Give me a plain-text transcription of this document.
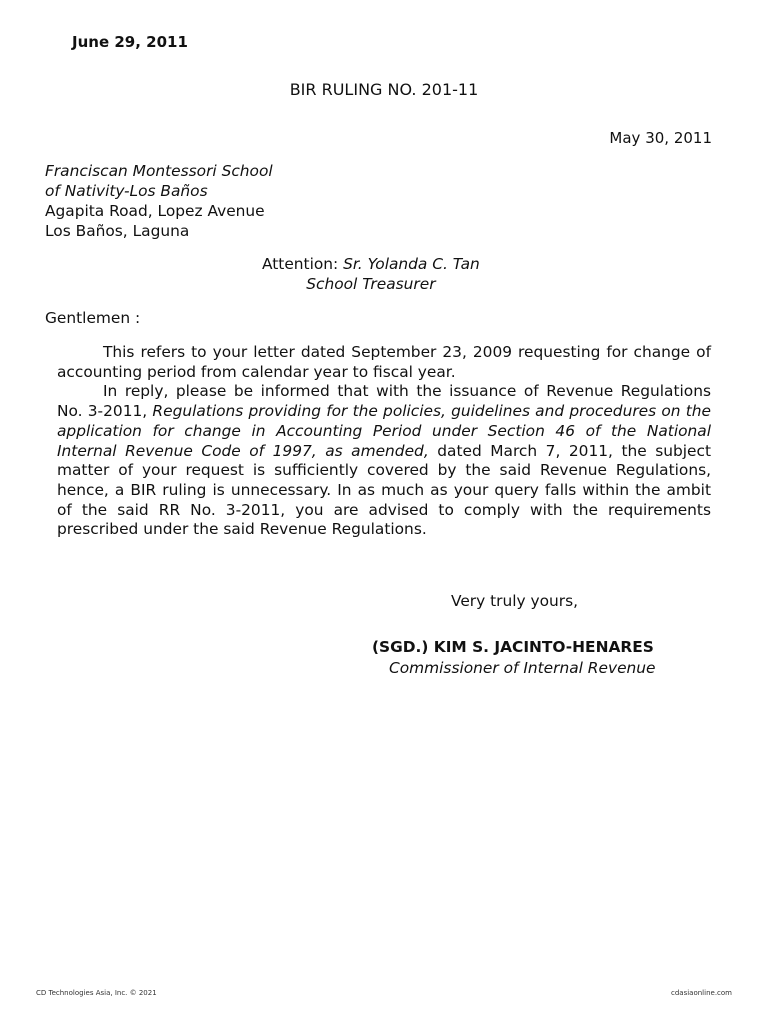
June 29, 2011
BIR RULING NO. 201-11
May 30, 2011
Franciscan Montessori School
of Nativity-Los Baños
Agapita Road, Lopez Avenue
Los Baños, Laguna
Attention: Sr. Yolanda C. Tan
School Treasurer
Gentlemen :

This refers to your letter dated September 23, 2009 requesting for change of accounting period from calendar year to fiscal year.

In reply, please be informed that with the issuance of Revenue Regulations No. 3-2011, Regulations providing for the policies, guidelines and procedures on the application for change in Accounting Period under Section 46 of the National Internal Revenue Code of 1997, as amended, dated March 7, 2011, the subject matter of your request is sufficiently covered by the said Revenue Regulations, hence, a BIR ruling is unnecessary. In as much as your query falls within the ambit of the said RR No. 3-2011, you are advised to comply with the requirements prescribed under the said Revenue Regulations.

Very truly yours,
(SGD.) KIM S. JACINTO-HENARES
Commissioner of Internal Revenue
CD Technologies Asia, Inc. © 2021	cdasiaonline.com
